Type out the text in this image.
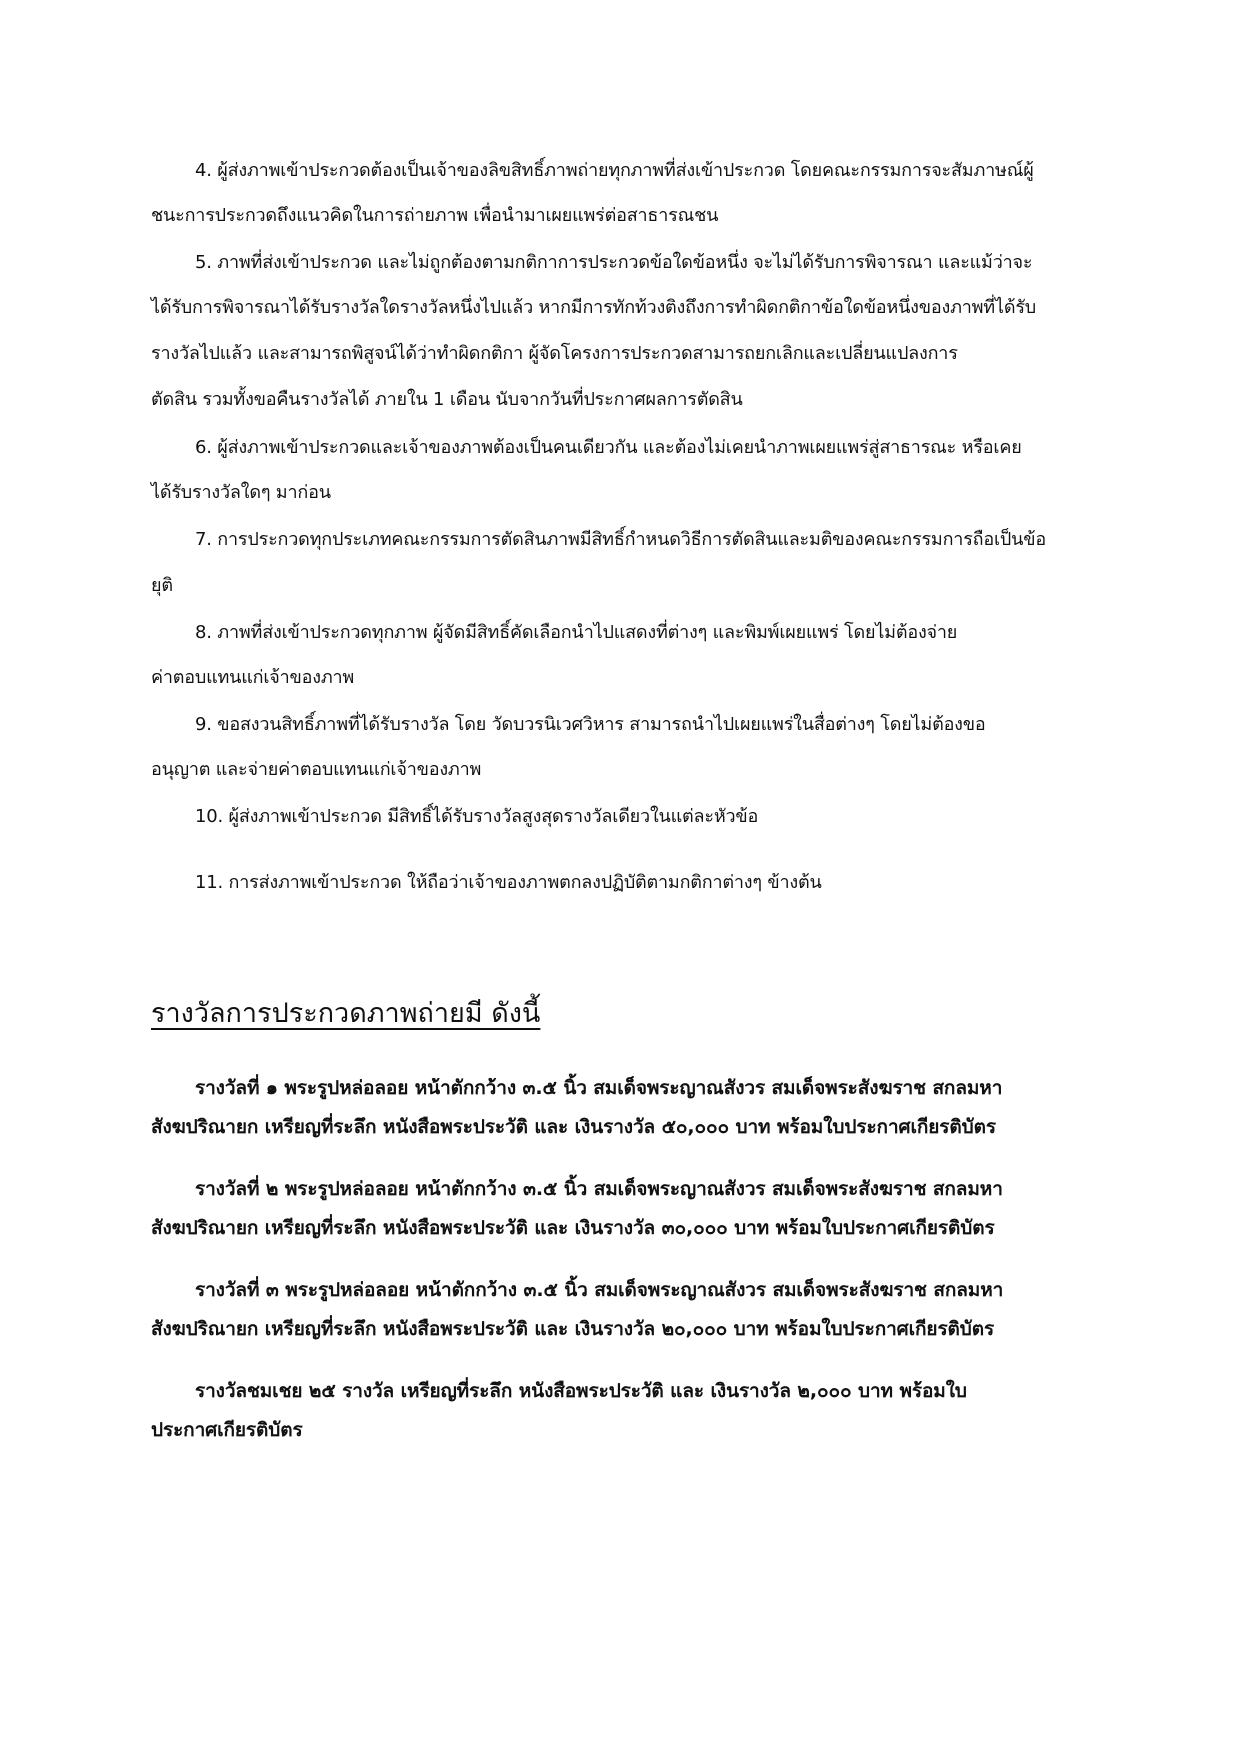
4. ผู้ส่งภาพเข้าประกวดต้องเป็นเจ้าของลิขสิทธิ์ภาพถ่ายทุกภาพที่ส่งเข้าประกวด โดยคณะกรรมการจะสัมภาษณ์ผู้
ชนะการประกวดถึงแนวคิดในการถ่ายภาพ เพื่อนำมาเผยแพร่ต่อสาธารณชน
5. ภาพที่ส่งเข้าประกวด และไม่ถูกต้องตามกติกาการประกวดข้อใดข้อหนึ่ง จะไม่ได้รับการพิจารณา และแม้ว่าจะ
ได้รับการพิจารณาได้รับรางวัลใดรางวัลหนึ่งไปแล้ว หากมีการทักท้วงติงถึงการทำผิดกติกาข้อใดข้อหนึ่งของภาพที่ได้รับ
รางวัลไปแล้ว และสามารถพิสูจน์ได้ว่าทำผิดกติกา ผู้จัดโครงการประกวดสามารถยกเลิกและเปลี่ยนแปลงการ
ตัดสิน รวมทั้งขอคืนรางวัลได้ ภายใน 1 เดือน นับจากวันที่ประกาศผลการตัดสิน
6. ผู้ส่งภาพเข้าประกวดและเจ้าของภาพต้องเป็นคนเดียวกัน และต้องไม่เคยนำภาพเผยแพร่สู่สาธารณะ หรือเคย
ได้รับรางวัลใดๆ มาก่อน
7. การประกวดทุกประเภทคณะกรรมการตัดสินภาพมีสิทธิ์กำหนดวิธีการตัดสินและมติของคณะกรรมการถือเป็นข้อ
ยุติ
8. ภาพที่ส่งเข้าประกวดทุกภาพ ผู้จัดมีสิทธิ์คัดเลือกนำไปแสดงที่ต่างๆ และพิมพ์เผยแพร่ โดยไม่ต้องจ่าย
ค่าตอบแทนแก่เจ้าของภาพ
9. ขอสงวนสิทธิ์ภาพที่ได้รับรางวัล โดย วัดบวรนิเวศวิหาร สามารถนำไปเผยแพร่ในสื่อต่างๆ โดยไม่ต้องขอ
อนุญาต และจ่ายค่าตอบแทนแก่เจ้าของภาพ
10. ผู้ส่งภาพเข้าประกวด มีสิทธิ์ได้รับรางวัลสูงสุดรางวัลเดียวในแต่ละหัวข้อ
11. การส่งภาพเข้าประกวด ให้ถือว่าเจ้าของภาพตกลงปฏิบัติตามกติกาต่างๆ ข้างต้น
รางวัลการประกวดภาพถ่ายมี ดังนี้
รางวัลที่ ๑ พระรูปหล่อลอย หน้าตักกว้าง ๓.๕ นิ้ว สมเด็จพระญาณสังวร สมเด็จพระสังฆราช สกลมหา
สังฆปริณายก เหรียญที่ระลึก หนังสือพระประวัติ และ เงินรางวัล ๕๐,๐๐๐ บาท พร้อมใบประกาศเกียรติบัตร
รางวัลที่ ๒ พระรูปหล่อลอย หน้าตักกว้าง ๓.๕ นิ้ว สมเด็จพระญาณสังวร สมเด็จพระสังฆราช สกลมหา
สังฆปริณายก เหรียญที่ระลึก หนังสือพระประวัติ และ เงินรางวัล ๓๐,๐๐๐ บาท พร้อมใบประกาศเกียรติบัตร
รางวัลที่ ๓ พระรูปหล่อลอย หน้าตักกว้าง ๓.๕ นิ้ว สมเด็จพระญาณสังวร สมเด็จพระสังฆราช สกลมหา
สังฆปริณายก เหรียญที่ระลึก หนังสือพระประวัติ และ เงินรางวัล ๒๐,๐๐๐ บาท พร้อมใบประกาศเกียรติบัตร
รางวัลชมเชย ๒๕ รางวัล เหรียญที่ระลึก หนังสือพระประวัติ และ เงินรางวัล ๒,๐๐๐ บาท พร้อมใบ
ประกาศเกียรติบัตร
